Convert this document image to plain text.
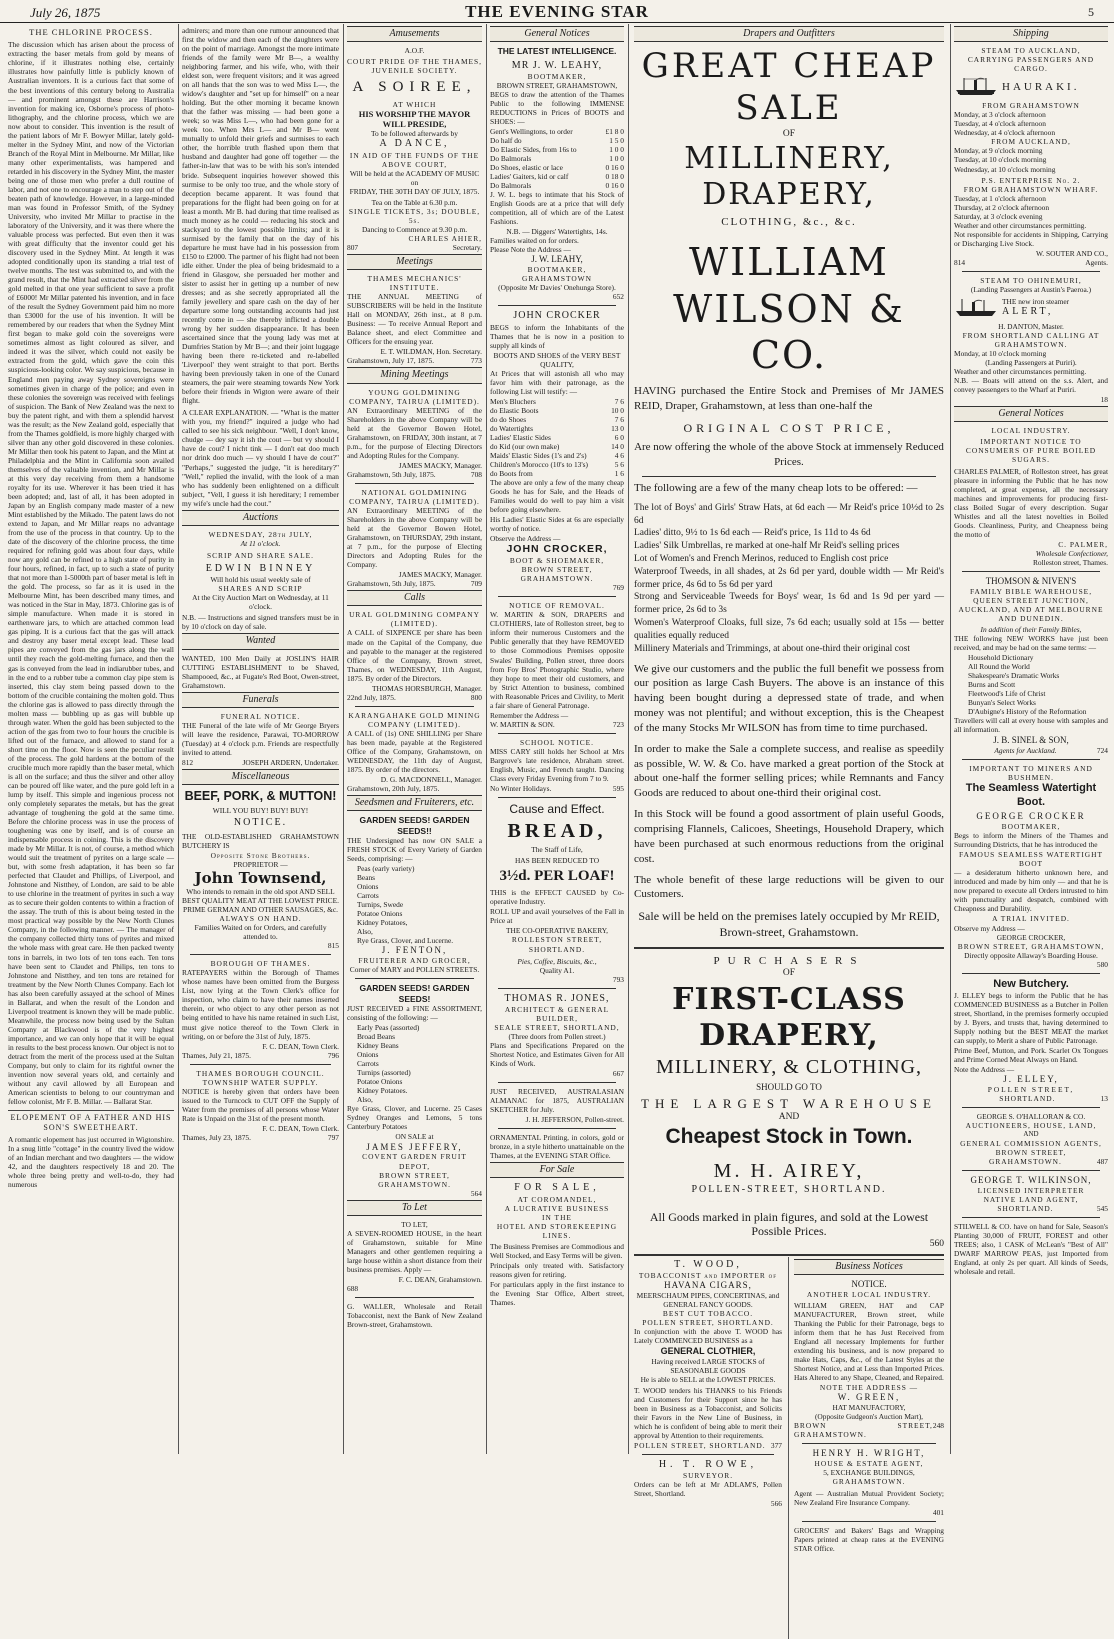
July 26, 1875	THE EVENING STAR	5
THE CHLORINE PROCESS.

The discussion which has arisen about the process of extracting the baser metals from gold by means of chlorine, if it illustrates nothing else, certainly illustrates how painfully little is publicly known of Australian inventors. It is a curious fact that some of the best inventions of this century belong to Australia — and prominent amongst these are Harrison's invention for making ice, Osborne's process of photo-lithography, and the chlorine process, which we are now about to consider. This invention is the result of the patient labors of Mr F. Bowyer Millar, lately gold-melter in the Sydney Mint, and now of the Victorian Branch of the Royal Mint in Melbourne. Mr Millar, like many other experimentalists, was hampered and retarded in his discovery in the Sydney Mint, the master being one of those men who prefer a dull routine of labor, and not one to encourage a man to step out of the beaten path of knowledge. However, in a large-minded man was found in Professor Smith, of the Sydney University, who invited Mr Millar to practise in the laboratory of the University, and it was there where the valuable process was perfected. But even then it was with great difficulty that the inventor could get his discovery used in the Sydney Mint. At length it was adopted conditionally upon its standing a trial test of twelve months. The test was submitted to, and with the grand result, that the Mint had extracted silver from the gold melted in that one year sufficient to save a profit of £6000! Mr Millar patented his invention, and in face of the result the Sydney Government paid him no more than £3000 for the use of his invention. It will be remembered by our readers that when the Sydney Mint first began to make gold coin the sovereigns were sometimes almost as light coloured as silver, and indeed it was the silver, which could not easily be extracted from the gold, which gave the coin this suspicious-looking color. We say suspicious, because in England men paying away Sydney sovereigns were sometimes given in charge of the police; and even in these colonies the sovereign was received with feelings of suspicion. The Bank of New Zealand was the next to buy the patent right, and with them a splendid harvest was the result; as the New Zealand gold, especially that from the Thames goldfield, is more highly charged with silver than any other gold discovered in these colonies. Mr Millar then took his patent to Japan, and the Mint at Philadelphia and the Mint in California soon availed themselves of the valuable invention, and Mr Millar is at this very day receiving from them a handsome royalty for its use. Wherever it has been tried it has been adopted; and, last of all, it has been adopted in Japan by an English company made master of a new Mint established by the Mikado. The patent laws do not extend to Japan, and Mr Millar reaps no advantage from the use of the process in that country. Up to the date of the discovery of the chlorine process, the time required for refining gold was about four days, while now any gold can be refined to a high state of purity in four hours, refined, in fact, up to such a state of purity that not more than 1-5000th part of baser metal is left in the gold. The process, so far as it is used in the Melbourne Mint, has been described many times, and was noticed in the Star in May, 1873. Chlorine gas is of simple manufacture. When made it is stored in earthenware jars, to which are attached common lead gas piping. It is a curious fact that the gas will attack and destroy any baser metal except lead. These lead pipes are conveyed from the gas jars along the wall until they reach the gold-melting furnace, and then the gas is conveyed from the lead in indiarubber tubes, and in the end to a rubber tube a common clay pipe stem is inserted, this clay stem being passed down to the bottom of the crucible containing the molten gold. Thus the chlorine gas is allowed to pass directly through the molten mass — bubbling up as gas will bubble up through water. When the gold has been subjected to the action of the gas from two to four hours the crucible is lifted out of the furnace, and allowed to stand for a short time on the floor. Now is seen the peculiar result of the process. The gold hardens at the bottom of the crucible much more rapidly than the baser metal, which is all on the surface; and thus the silver and other alloy can be poured off like water, and the pure gold left in a lump by itself. This simple and ingenious process not only completely separates the metals, but has the great advantage of toughening the gold at the same time. Before the chlorine process was in use the process of toughening was one by itself, and is of course an indispensable process in coining. This is the discovery made by Mr Millar. It is not, of course, a method which would suit the treatment of pyrites on a large scale — but, with some fresh adaptation, it has been so far perfected that Claudet and Phillips, of Liverpool, and Johnstone and Nistthey, of London, are said to be able to use chlorine in the treatment of pyrites in such a way as to secure their golden contents to within a fraction of the assay. The truth of this is about being tested in the most practical way possible by the New North Clunes Company, in the following manner. — The manager of the company collected thirty tons of pyrites and mixed the whole mass with great care. He then packed twenty tons in barrels, in two lots of ten tons each. Ten tons have been sent to Claudet and Philips, ten tons to Johnstone and Nistthey, and ten tons are retained for treatment by the New North Clunes Company. Each lot has also been carefully assayed at the school of Mines in Ballarat, and when the result of the London and Liverpool treatment is known they will be made public. Meanwhile, the process now being used by the Sultan Company at Blackwood is of the very highest importance, and we can only hope that it will be equal in results to the best process known. Our object is not to detract from the merit of the process used at the Sultan Company, but only to claim for its rightful owner the invention now several years old, and certainly and without any cavil allowed by all European and American scientists to belong to our countryman and fellow colonist, Mr F. B. Millar. — Ballarat Star.

ELOPEMENT OF A FATHER AND HIS SON'S SWEETHEART.

A romantic elopement has just occurred in Wigtonshire. In a snug little "cottage" in the country lived the widow of an Indian merchant and two daughters — the widow 42, and the daughters respectively 18 and 20. The whole three being pretty and well-to-do, they had numerous

admirers; and more than one rumour announced that first the widow and then each of the daughters were on the point of marriage. Amongst the more intimate friends of the family were Mr B—, a wealthy neighboring farmer, and his wife, who, with their eldest son, were frequent visitors; and it was agreed on all hands that the son was to wed Miss L—, the widow's daughter and "set up for himself" on a near holding. But the other morning it became known that the father was missing — had been gone a week; so was Miss L—, who had been gone for a week too. When Mrs L— and Mr B— went mutually to unfold their griefs and surmises to each other, the horrible truth flashed upon them that husband and daughter had gone off together — the father-in-law that was to be with his son's intended bride. Subsequent inquiries however showed this surmise to be only too true, and the whole story of deception became apparent. It was found that preparations for the flight had been going on for at least a month. Mr B. had during that time realised as much money as he could — reducing his stock and stackyard to the lowest possible limits; and it is surmised by the family that on the day of his departure he must have had in his possession from £150 to £2000. The partner of his flight had not been idle either. Under the plea of being bridesmaid to a friend in Glasgow, she persuaded her mother and sister to assist her in getting up a number of new dresses; and as she secretly appropriated all the family jewellery and spare cash on the day of her departure some long outstanding accounts had just recently come in — she thereby inflicted a double wrong by her sudden disappearance. It has been ascertained since that the young lady was met at Dumfries Station by Mr B—; and their joint luggage having been there re-ticketed and re-labelled 'Liverpool' they went straight to that port. Berths having been previously taken in one of the Cunard steamers, the pair were steaming towards New York before their friends in Wigton were aware of their flight.

A CLEAR EXPLANATION. — "What is the matter with you, my friend?" inquired a judge who had called to see his sick neighbour. "Well, I don't know, chudge — dey say it ish the cout — but vy should I have de cout? I nicht tink — I don't eat doo much nor drink doo much — vy should I have de cout?" "Perhaps," suggested the judge, "it is hereditary?" "Well," replied the invalid, with the look of a man who has suddenly been enlightened on a difficult subject, "Vell, I guess it ish hereditary; I remember my wife's uncle had the cout."

Auctions
WEDNESDAY, 28th JULY,
At 11 o'clock.
SCRIP AND SHARE SALE.
EDWIN BINNEY
Will hold his usual weekly sale of
SHARES AND SCRIP
At the City Auction Mart on Wednesday, at 11 o'clock.

N.B. — Instructions and signed transfers must be in by 10 o'clock on day of sale.

Wanted

WANTED, 100 Men Daily at JOSLIN'S HAIR CUTTING ESTABLISHMENT to be Shaved, Shampooed, &c., at Fugate's Red Boot, Owen-street, Grahamstown.

Funerals
FUNERAL NOTICE.

THE Funeral of the late wife of Mr George Bryers will leave the residence, Parawai, TO-MORROW (Tuesday) at 4 o'clock p.m. Friends are respectfully invited to attend.

812	JOSEPH ARDERN, Undertaker.
Miscellaneous
BEEF, PORK, & MUTTON!
WILL YOU BUY! BUY! BUY!
NOTICE.

THE OLD-ESTABLISHED GRAHAMSTOWN BUTCHERY IS

Opposite Stone Brothers.
PROPRIETOR —
John Townsend,
Who intends to remain in the old spot AND SELL
BEST QUALITY MEAT AT THE LOWEST PRICE.
PRIME GERMAN AND OTHER SAUSAGES, &c.
ALWAYS ON HAND.
Families Waited on for Orders, and carefully attended to.
815
BOROUGH OF THAMES.

RATEPAYERS within the Borough of Thames whose names have been omitted from the Burgess List, now lying at the Town Clerk's office for inspection, who claim to have their names inserted therein, or who object to any other person as not being entitled to have his name retained in such List, must give notice thereof to the Town Clerk in writing, on or before the 31st of July, 1875.

F. C. DEAN, Town Clerk.
Thames, July 21, 1875.	796
THAMES BOROUGH COUNCIL.
TOWNSHIP WATER SUPPLY.

NOTICE is hereby given that orders have been issued to the Turncock to CUT OFF the Supply of Water from the premises of all persons whose Water Rate is Unpaid on the 31st of the present month.

F. C. DEAN, Town Clerk.
Thames, July 23, 1875.	797
Amusements
A.O.F.
COURT PRIDE OF THE THAMES, JUVENILE SOCIETY.
A SOIREE,
AT WHICH
HIS WORSHIP THE MAYOR WILL PRESIDE,
To be followed afterwards by
A DANCE,
IN AID OF THE FUNDS OF THE ABOVE COURT,
Will be held at the ACADEMY OF MUSIC on
FRIDAY, THE 30TH DAY OF JULY, 1875.
Tea on the Table at 6.30 p.m.
SINGLE TICKETS, 3s; DOUBLE, 5s.
Dancing to Commence at 9.30 p.m.
CHARLES AHIER,
807	Secretary.
Meetings
THAMES MECHANICS' INSTITUTE.

THE ANNUAL MEETING of SUBSCRIBERS will be held in the Institute Hall on MONDAY, 26th inst., at 8 p.m. Business: — To receive Annual Report and Balance sheet, and elect Committee and Officers for the ensuing year.

E. T. WILDMAN, Hon. Secretary.
Grahamstown, July 17, 1875.	773
Mining Meetings
YOUNG GOLDMINING COMPANY, TAIRUA (LIMITED).

AN Extraordinary MEETING of the Shareholders in the above Company will be held at the Governor Bowen Hotel, Grahamstown, on FRIDAY, 30th instant, at 7 p.m., for the purpose of Electing Directors and Adopting Rules for the Company.

JAMES MACKY, Manager.
Grahamstown, 5th July, 1875.	708
NATIONAL GOLDMINING COMPANY, TAIRUA (LIMITED).

AN Extraordinary MEETING of the Shareholders in the above Company will be held at the Governor Bowen Hotel, Grahamstown, on THURSDAY, 29th instant, at 7 p.m., for the purpose of Electing Directors and Adopting Rules for the Company.

JAMES MACKY, Manager.
Grahamstown, 5th July, 1875.	709
Calls
URAL GOLDMINING COMPANY (LIMITED).

A CALL of SIXPENCE per share has been made on the Capital of the Company, due and payable to the manager at the registered Office of the Company, Brown street, Thames, on WEDNESDAY, 11th August, 1875. By order of the Directors.

THOMAS HORSBURGH, Manager.
22nd July, 1875.	800
KARANGAHAKE GOLD MINING COMPANY (LIMITED).

A CALL of (1s) ONE SHILLING per Share has been made, payable at the Registered Office of the Company, Grahamstown, on WEDNESDAY, the 11th day of August, 1875. By order of the directors.

D. G. MACDONNELL, Manager.
Grahamstown, 20th July, 1875.
Seedsmen and Fruiterers, etc.
GARDEN SEEDS! GARDEN SEEDS!!

THE Undersigned has now ON SALE a FRESH STOCK of Every Variety of Garden Seeds, comprising: —

Peas (early variety)
Beans
Onions
Carrots
Turnips, Swede
Potatoe Onions
Kidney Potatoes,
Also,
Rye Grass, Clover, and Lucerne.
J. FENTON,
FRUITERER AND GROCER,
Corner of MARY and POLLEN STREETS.
GARDEN SEEDS! GARDEN SEEDS!

JUST RECEIVED a FINE ASSORTMENT, consisting of the following: —

Early Peas (assorted)
Broad Beans
Kidney Beans
Onions
Carrots
Turnips (assorted)
Potatoe Onions
Kidney Potatoes.
Also,

Rye Grass, Clover, and Lucerne. 25 Cases Sydney Oranges and Lemons, 5 tons Canterbury Potatoes

ON SALE at
JAMES JEFFERY,
COVENT GARDEN FRUIT DEPOT,
BROWN STREET, GRAHAMSTOWN.
564
To Let
TO LET,

A SEVEN-ROOMED HOUSE, in the heart of Grahamstown, suitable for Mine Managers and other gentlemen requiring a large house within a short distance from their business premises. Apply —

F. C. DEAN, Grahamstown.
688

G. WALLER, Wholesale and Retail Tobacconist, next the Bank of New Zealand Brown-street, Grahamstown.

General Notices
THE LATEST INTELLIGENCE.
MR J. W. LEAHY,
BOOTMAKER,
BROWN STREET, GRAHAMSTOWN,

BEGS to draw the attention of the Thames Public to the following IMMENSE REDUCTIONS in Prices of BOOTS and SHOES: —

Gent's Wellingtons, to order	£1 8 0
Do half do	1 5 0
Do Elastic Sides, from 16s to	1 0 0
Do Balmorals	1 0 0
Do Shoes, elastic or lace	0 16 0
Ladies' Gaiters, kid or calf	0 18 0
Do Balmorals	0 16 0

J. W. L. begs to intimate that his Stock of English Goods are at a price that will defy competition, all of which are of the Latest Fashions.

N.B. — Diggers' Watertights, 14s.
Families waited on for orders.
Please Note the Address —
J. W. LEAHY,
BOOTMAKER,
GRAHAMSTOWN
(Opposite Mr Davies' Onehunga Store).
652
JOHN CROCKER

BEGS to inform the Inhabitants of the Thames that he is now in a position to supply all kinds of

BOOTS AND SHOES of the VERY BEST QUALITY,

At Prices that will astonish all who may favor him with their patronage, as the following List will testify: —

Men's Bluchers	7 6
do Elastic Boots	10 0
do do Shoes	7 6
do Watertights	13 0
Ladies' Elastic Sides	6 0
do Kid (our own make)	14 0
Maids' Elastic Sides (1's and 2's)	4 6
Children's Morocco (10's to 13's)	5 6
do Boots from	1 6

The above are only a few of the many cheap Goods he has for Sale, and the Heads of Families would do well to pay him a visit before going elsewhere.

His Ladies' Elastic Sides at 6s are especially worthy of notice.

Observe the Address —
JOHN CROCKER,
BOOT & SHOEMAKER,
BROWN STREET,
GRAHAMSTOWN.
769
NOTICE OF REMOVAL.

W. MARTIN & SON, DRAPERS and CLOTHIERS, late of Rolleston street, beg to inform their numerous Customers and the Public generally that they have REMOVED to those Commodious Premises opposite Swales' Building, Pollen street, three doors from Foy Bros' Photographic Studio, where they hope to meet their old customers, and by Strict Attention to business, combined with Reasonable Prices and Civility, to Merit a fair share of General Patronage.

Remember the Address —
W. MARTIN & SON.	723
SCHOOL NOTICE.

MISS CARY still holds her School at Mrs Bargrove's late residence, Abraham street. English, Music, and French taught. Dancing Class every Friday Evening from 7 to 9.

No Winter Holidays.	595
Cause and Effect.
BREAD,
The Staff of Life,
HAS BEEN REDUCED TO
3½d. PER LOAF!

THIS is the EFFECT CAUSED by Co-operative Industry.

ROLL UP and avail yourselves of the Fall in Price at

THE CO-OPERATIVE BAKERY,
ROLLESTON STREET,
SHORTLAND.
Pies, Coffee, Biscuits, &c.,
Quality A1.
793
THOMAS R. JONES,
ARCHITECT & GENERAL BUILDER,
SEALE STREET, SHORTLAND,
(Three doors from Pollen street.)

Plans and Specifications Prepared on the Shortest Notice, and Estimates Given for All Kinds of Work.

667

JUST RECEIVED, AUSTRALASIAN ALMANAC for 1875, AUSTRALIAN SKETCHER for July.

J. H. JEFFERSON, Pollen-street.

ORNAMENTAL Printing, in colors, gold or bronze, in a style hitherto unattainable on the Thames, at the EVENING STAR Office.

For Sale
FOR SALE,
AT COROMANDEL,
A LUCRATIVE BUSINESS
IN THE
HOTEL AND STOREKEEPING LINES.

The Business Premises are Commodious and Well Stocked, and Easy Terms will be given.

Principals only treated with. Satisfactory reasons given for retiring.

For particulars apply in the first instance to the Evening Star Office, Albert street, Thames.

Drapers and Outfitters
GREAT CHEAP SALE
OF
MILLINERY, DRAPERY,
CLOTHING, &c., &c.
WILLIAM WILSON & CO.

HAVING purchased the Entire Stock and Premises of Mr JAMES REID, Draper, Grahamstown, at less than one-half the

ORIGINAL COST PRICE,

Are now offering the whole of the above Stock at immensely Reduced Prices.

The following are a few of the many cheap lots to be offered: —

The lot of Boys' and Girls' Straw Hats, at 6d each — Mr Reid's price 10½d to 2s 6d
Ladies' ditto, 9½ to 1s 6d each — Reid's price, 1s 11d to 4s 6d
Ladies' Silk Umbrellas, re marked at one-half Mr Reid's selling prices
Lot of Women's and French Merinos, reduced to English cost price
Waterproof Tweeds, in all shades, at 2s 6d per yard, double width — Mr Reid's former price, 4s 6d to 5s 6d per yard
Strong and Serviceable Tweeds for Boys' wear, 1s 6d and 1s 9d per yard — former price, 2s 6d to 3s
Women's Waterproof Cloaks, full size, 7s 6d each; usually sold at 15s — better qualities equally reduced
Millinery Materials and Trimmings, at about one-third their original cost

We give our customers and the public the full benefit we possess from our position as large Cash Buyers. The above is an instance of this having been bought during a depressed state of trade, and when money was not plentiful; and without exception, this is the Cheapest of the many Stocks Mr WILSON has from time to time purchased.

In order to make the Sale a complete success, and realise as speedily as possible, W. W. & Co. have marked a great portion of the Stock at about one-half the former selling prices; while Remnants and Fancy Goods are reduced to about one-third their original cost.

In this Stock will be found a good assortment of plain useful Goods, comprising Flannels, Calicoes, Sheetings, Household Drapery, which have been purchased at such enormous reductions from the original cost.

The whole benefit of these large reductions will be given to our Customers.

Sale will be held on the premises lately occupied by Mr REID, Brown-street, Grahamstown.

PURCHASERS
OF
FIRST-CLASS DRAPERY,
MILLINERY, & CLOTHING,
SHOULD GO TO
THE LARGEST WAREHOUSE
AND
Cheapest Stock in Town.
M. H. AIREY,
POLLEN-STREET, SHORTLAND.
All Goods marked in plain figures, and sold at the Lowest Possible Prices.
560
T. WOOD,
TOBACCONIST and IMPORTER of
HAVANA CIGARS,
MEERSCHAUM PIPES, CONCERTINAS, and GENERAL FANCY GOODS.
BEST CUT TOBACCO.
POLLEN STREET, SHORTLAND.

In conjunction with the above T. WOOD has Lately COMMENCED BUSINESS as a

GENERAL CLOTHIER,
Having received LARGE STOCKS of SEASONABLE GOODS
He is able to SELL at the LOWEST PRICES.

T. WOOD tenders his THANKS to his Friends and Customers for their Support since he has been in Business as a Tobacconist, and Solicits their Favors in the New Line of Business, in which he is confident of being able to merit their approval by Attention to their requirements.

POLLEN STREET, SHORTLAND. 377
H. T. ROWE,
SURVEYOR.

Orders can be left at Mr ADLAM'S, Pollen Street, Shortland.

566
Business Notices
NOTICE.
ANOTHER LOCAL INDUSTRY.

WILLIAM GREEN, HAT and CAP MANUFACTURER, Brown street, while Thanking the Public for their Patronage, begs to inform them that he has Just Received from England all necessary Implements for further extending his business, and is now prepared to make Hats, Caps, &c., of the Latest Styles at the Shortest Notice, and at Less than Imported Prices. Hats Altered to any Shape, Cleaned, and Repaired.

NOTE THE ADDRESS —
W. GREEN,
HAT MANUFACTORY,
(Opposite Gudgeon's Auction Mart),
BROWN STREET, GRAHAMSTOWN.
248
HENRY H. WRIGHT,
HOUSE & ESTATE AGENT,
5, EXCHANGE BUILDINGS,
GRAHAMSTOWN.

Agent — Australian Mutual Provident Society; New Zealand Fire Insurance Company.

401

GROCERS' and Bakers' Bags and Wrapping Papers printed at cheap rates at the EVENING STAR Office.

Shipping
STEAM TO AUCKLAND,
CARRYING PASSENGERS AND CARGO.
HAURAKI.
FROM GRAHAMSTOWN
Monday, at 3 o'clock afternoon
Tuesday, at 4 o'clock afternoon
Wednesday, at 4 o'clock afternoon
FROM AUCKLAND,
Monday, at 9 o'clock morning
Tuesday, at 10 o'clock morning
Wednesday, at 10 o'clock morning
P.S. ENTERPRISE No. 2.
FROM GRAHAMSTOWN WHARF.
Tuesday, at 1 o'clock afternoon
Thursday, at 2 o'clock afternoon
Saturday, at 3 o'clock evening
Weather and other circumstances permitting.

Not responsible for accidents in Shipping, Carrying or Discharging Live Stock.

W. SOUTER AND CO.,
814	Agents.
STEAM TO OHINEMURI,
(Landing Passengers at Austin's Paeroa.)
THE new iron steamer
ALERT,
H. DANTON, Master.
FROM SHORTLAND CALLING AT GRAHAMSTOWN.
Monday, at 10 o'clock morning
(Landing Passengers at Puriri).
Weather and other circumstances permitting.

N.B. — Boats will attend on the s.s. Alert, and convey passengers to the Wharf at Puriri.

18
General Notices
LOCAL INDUSTRY.
IMPORTANT NOTICE TO CONSUMERS OF PURE BOILED SUGARS.

CHARLES PALMER, of Rolleston street, has great pleasure in informing the Public that he has now completed, at great expense, all the necessary machines and improvements for producing first-class Boiled Sugar of every description. Sugar Whistles and all the latest novelties in Boiled Goods. Cleanliness, Purity, and Cheapness being the motto of

C. PALMER,
Wholesale Confectioner,
Rolleston street, Thames.
THOMSON & NIVEN'S
FAMILY BIBLE WAREHOUSE,
QUEEN STREET JUNCTION, AUCKLAND, AND AT MELBOURNE AND DUNEDIN.
In addition of their Family Bibles,

THE following NEW WORKS have just been received, and may be had on the same terms: —

Household Dictionary
All Round the World
Shakespeare's Dramatic Works
Burns and Scott
Fleetwood's Life of Christ
Bunyan's Select Works
D'Aubigne's History of the Reformation

Travellers will call at every house with samples and all information.

J. B. SINEL & SON,
Agents for Auckland.	724
IMPORTANT TO MINERS AND BUSHMEN.
The Seamless Watertight Boot.
GEORGE CROCKER
BOOTMAKER,

Begs to inform the Miners of the Thames and Surrounding Districts, that he has introduced the

FAMOUS SEAMLESS WATERTIGHT BOOT

— a desideratum hitherto unknown here, and introduced and made by him only — and that he is now prepared to execute all Orders intrusted to him with punctuality and despatch, combined with Cheapness and Durability.

A TRIAL INVITED.
Observe my Address —
GEORGE CROCKER,
BROWN STREET, GRAHAMSTOWN,
Directly opposite Allaway's Boarding House.
580
New Butchery.

J. ELLEY begs to inform the Public that he has COMMENCED BUSINESS as a Butcher in Pollen street, Shortland, in the premises formerly occupied by J. Byers, and trusts that, having determined to Supply nothing but the BEST MEAT the market can supply, to Merit a share of Public Patronage.

Prime Beef, Mutton, and Pork. Scarlet Ox Tongues and Prime Corned Meat Always on Hand.

Note the Address —
J. ELLEY,
POLLEN STREET,
SHORTLAND.	13
GEORGE S. O'HALLORAN & CO.
AUCTIONEERS, HOUSE, LAND,
AND
GENERAL COMMISSION AGENTS,
BROWN STREET,
GRAHAMSTOWN.	487
GEORGE T. WILKINSON,
LICENSED INTERPRETER
NATIVE LAND AGENT,
SHORTLAND.	545

STILWELL & CO. have on hand for Sale, Season's Planting 30,000 of FRUIT, FOREST and other TREES; also, 1 CASK of McLean's "Best of All" DWARF MARROW PEAS, just Imported from England, at only 2s per quart. All kinds of Seeds, wholesale and retail.
